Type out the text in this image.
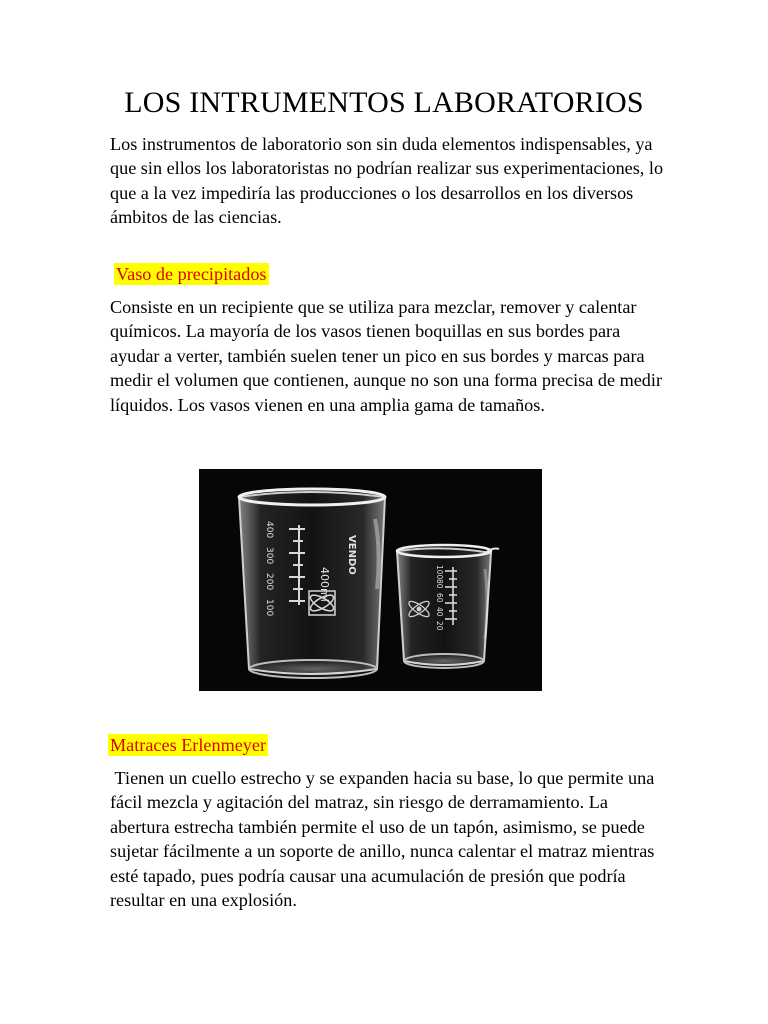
LOS INTRUMENTOS LABORATORIOS
Los instrumentos de laboratorio son sin duda elementos indispensables, ya que sin ellos los laboratoristas no podrían realizar sus experimentaciones, lo que a la vez impediría las producciones o los desarrollos en los diversos ámbitos de las ciencias.
Vaso de precipitados
Consiste en un recipiente que se utiliza para mezclar, remover y calentar químicos. La mayoría de los vasos tienen boquillas en sus bordes para ayudar a verter, también suelen tener un pico en sus bordes y marcas para medir el volumen que contienen, aunque no son una forma precisa de medir líquidos. Los vasos vienen en una amplia gama de tamaños.
400
300
200
100
VENDO
400ml	100
80
60
40
20
Matraces Erlenmeyer
Tienen un cuello estrecho y se expanden hacia su base, lo que permite una fácil mezcla y agitación del matraz, sin riesgo de derramamiento. La abertura estrecha también permite el uso de un tapón, asimismo, se puede sujetar fácilmente a un soporte de anillo, nunca calentar el matraz mientras esté tapado, pues podría causar una acumulación de presión que podría resultar en una explosión.
